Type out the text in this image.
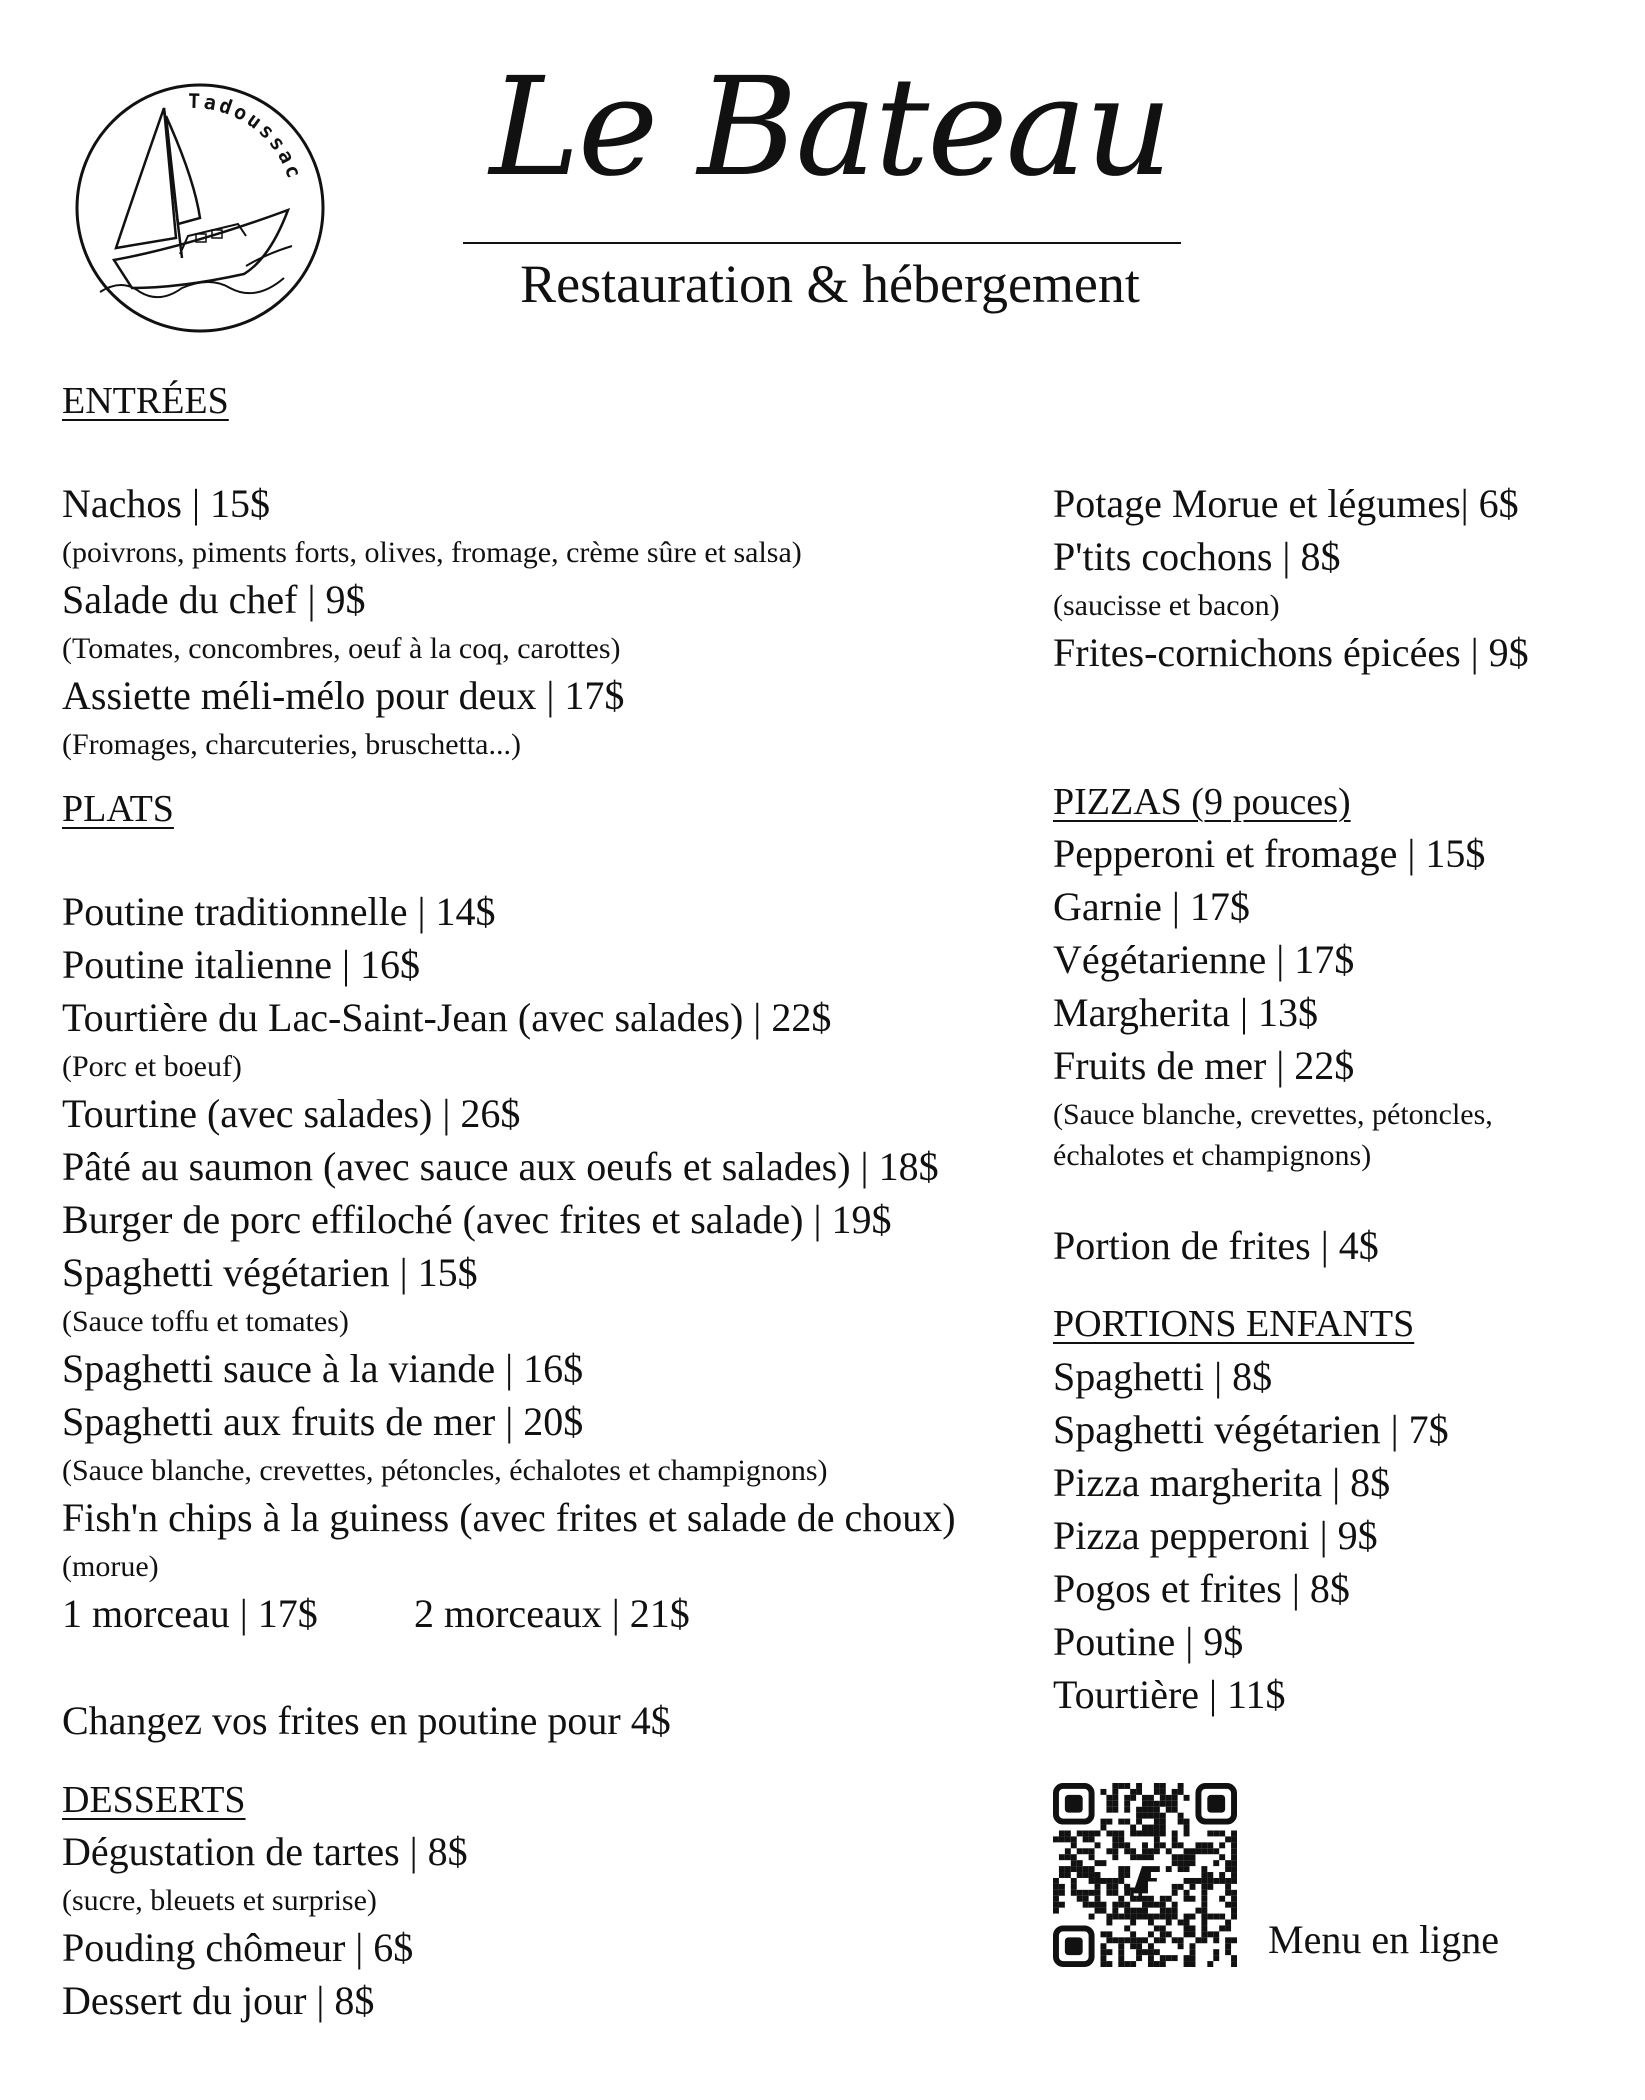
Tadoussac	Le Bateau
Restauration & hébergement
ENTRÉES
Nachos | 15$
(poivrons, piments forts, olives, fromage, crème sûre et salsa)
Salade du chef | 9$
(Tomates, concombres, oeuf à la coq, carottes)
Assiette méli-mélo pour deux | 17$
(Fromages, charcuteries, bruschetta...)
PLATS
Poutine traditionnelle | 14$
Poutine italienne | 16$
Tourtière du Lac-Saint-Jean (avec salades) | 22$
(Porc et boeuf)
Tourtine (avec salades) | 26$
Pâté au saumon (avec sauce aux oeufs et salades) | 18$
Burger de porc effiloché (avec frites et salade) | 19$
Spaghetti végétarien | 15$
(Sauce toffu et tomates)
Spaghetti sauce à la viande | 16$
Spaghetti aux fruits de mer | 20$
(Sauce blanche, crevettes, pétoncles, échalotes et champignons)
Fish'n chips à la guiness (avec frites et salade de choux)
(morue)
1 morceau | 17$ 2 morceaux | 21$
Changez vos frites en poutine pour 4$
DESSERTS
Dégustation de tartes | 8$
(sucre, bleuets et surprise)
Pouding chômeur | 6$
Dessert du jour | 8$
Potage Morue et légumes| 6$
P'tits cochons | 8$
(saucisse et bacon)
Frites-cornichons épicées | 9$
PIZZAS (9 pouces)
Pepperoni et fromage | 15$
Garnie | 17$
Végétarienne | 17$
Margherita | 13$
Fruits de mer | 22$
(Sauce blanche, crevettes, pétoncles,
échalotes et champignons)
Portion de frites | 4$
PORTIONS ENFANTS
Spaghetti | 8$
Spaghetti végétarien | 7$
Pizza margherita | 8$
Pizza pepperoni | 9$
Pogos et frites | 8$
Poutine | 9$
Tourtière | 11$
Menu en ligne
